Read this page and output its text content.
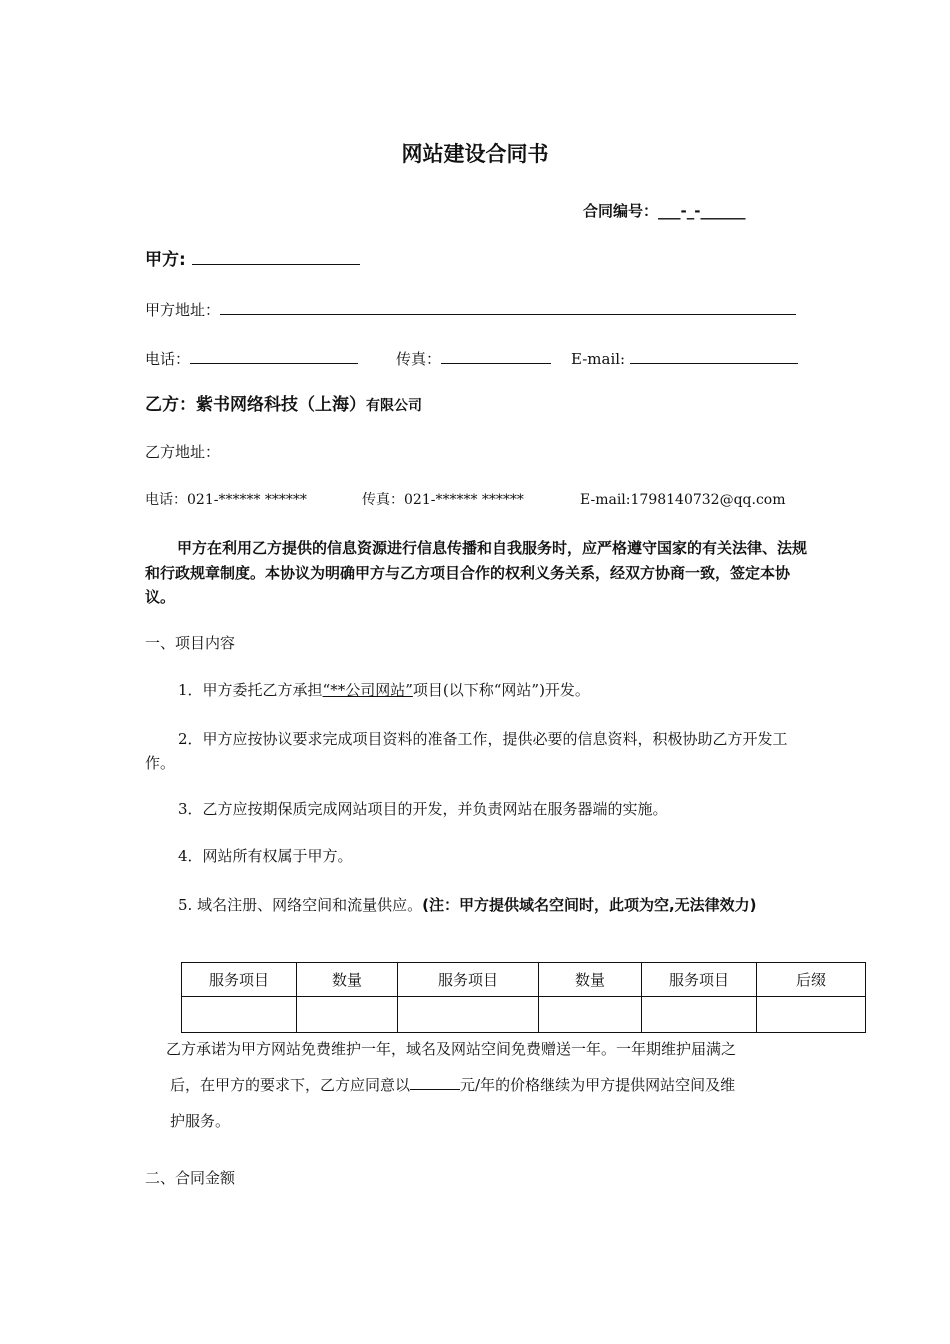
网站建设合同书
合同编号：___-_-______
甲方:
甲方地址：
电话：	传真：	E-mail:
乙方：紫书网络科技（上海）有限公司
乙方地址：
电话：021-****** ******	传真：021-****** ******	E-mail:1798140732@qq.com
甲方在利用乙方提供的信息资源进行信息传播和自我服务时，应严格遵守国家的有关法律、法规和行政规章制度。本协议为明确甲方与乙方项目合作的权利义务关系，经双方协商一致，签定本协议。
一、项目内容
1．甲方委托乙方承担“**公司网站”项目(以下称“网站”)开发。
2．甲方应按协议要求完成项目资料的准备工作，提供必要的信息资料，积极协助乙方开发工作。
3．乙方应按期保质完成网站项目的开发，并负责网站在服务器端的实施。
4．网站所有权属于甲方。
5. 域名注册、网络空间和流量供应。(注：甲方提供域名空间时，此项为空,无法律效力)
服务项目	数量	服务项目	数量	服务项目	后缀

乙方承诺为甲方网站免费维护一年，域名及网站空间免费赠送一年。一年期维护届满之
后，在甲方的要求下，乙方应同意以	元/年的价格继续为甲方提供网站空间及维
护服务。
二、合同金额
